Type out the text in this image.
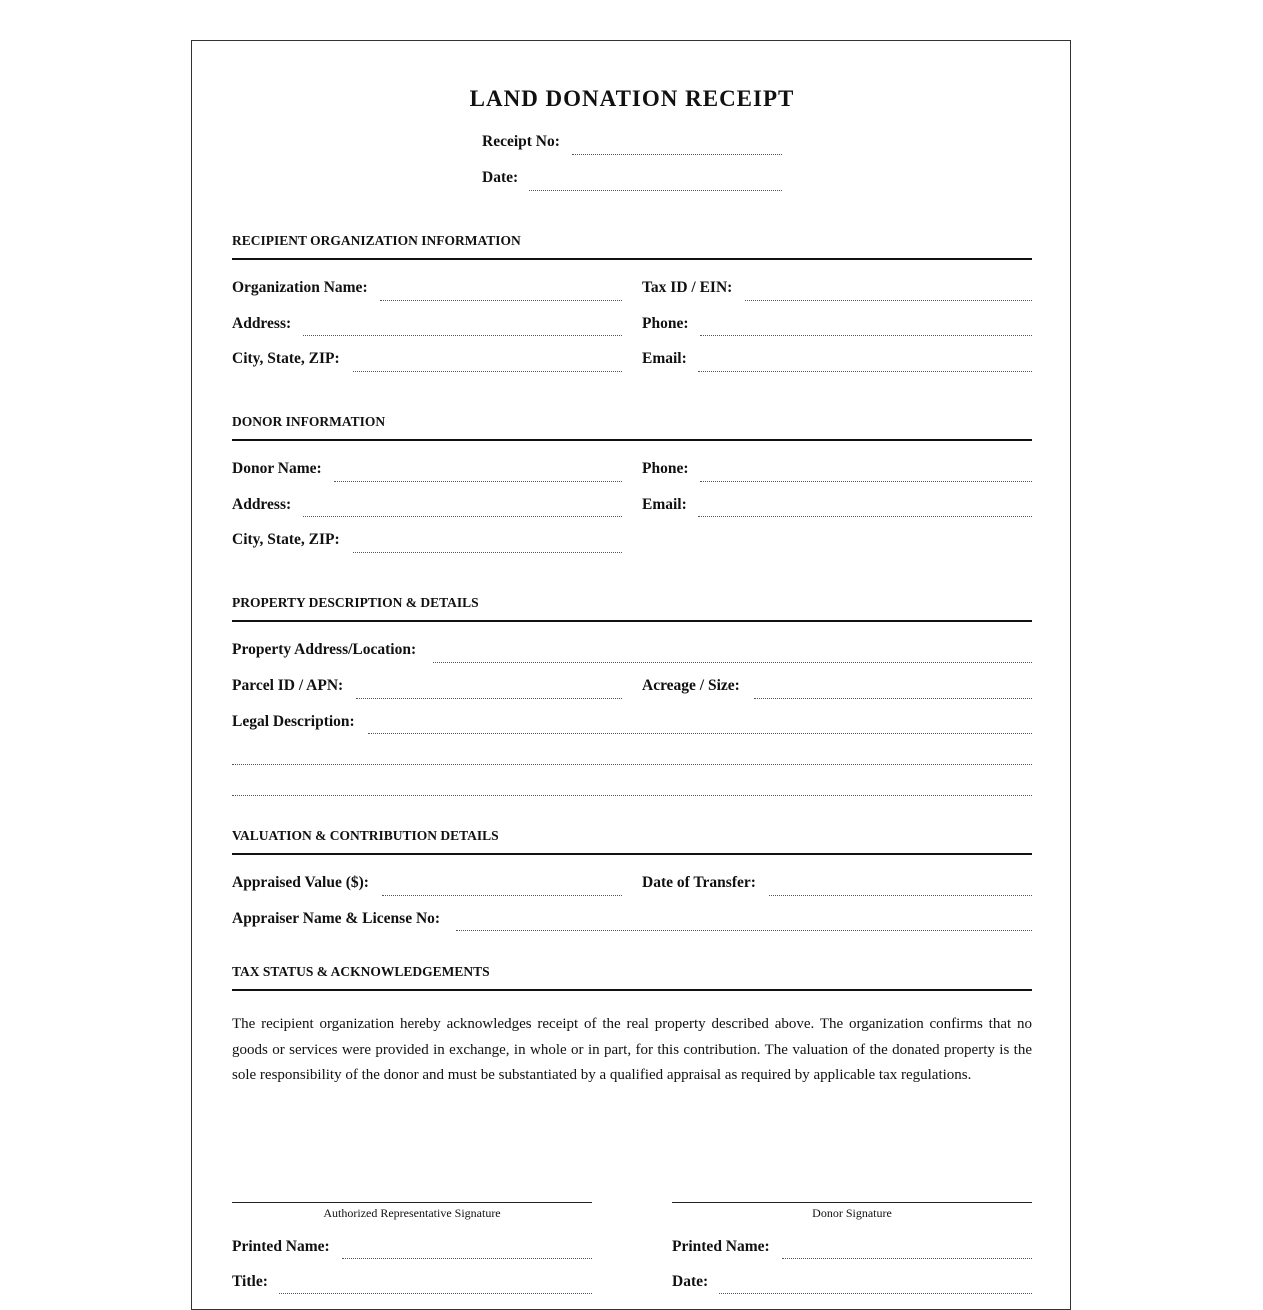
LAND DONATION RECEIPT
Receipt No:
Date:
RECIPIENT ORGANIZATION INFORMATION
Organization Name:	Tax ID / EIN:
Address:	Phone:
City, State, ZIP:	Email:
DONOR INFORMATION
Donor Name:	Phone:
Address:	Email:
City, State, ZIP:
PROPERTY DESCRIPTION & DETAILS
Property Address/Location:
Parcel ID / APN:	Acreage / Size:
Legal Description:
VALUATION & CONTRIBUTION DETAILS
Appraised Value ($):	Date of Transfer:
Appraiser Name & License No:
TAX STATUS & ACKNOWLEDGEMENTS
The recipient organization hereby acknowledges receipt of the real property described above. The organization confirms that no goods or services were provided in exchange, in whole or in part, for this contribution. The valuation of the donated property is the sole responsibility of the donor and must be substantiated by a qualified appraisal as required by applicable tax regulations.
Authorized Representative Signature	Donor Signature
Printed Name:	Printed Name:
Title:	Date:
